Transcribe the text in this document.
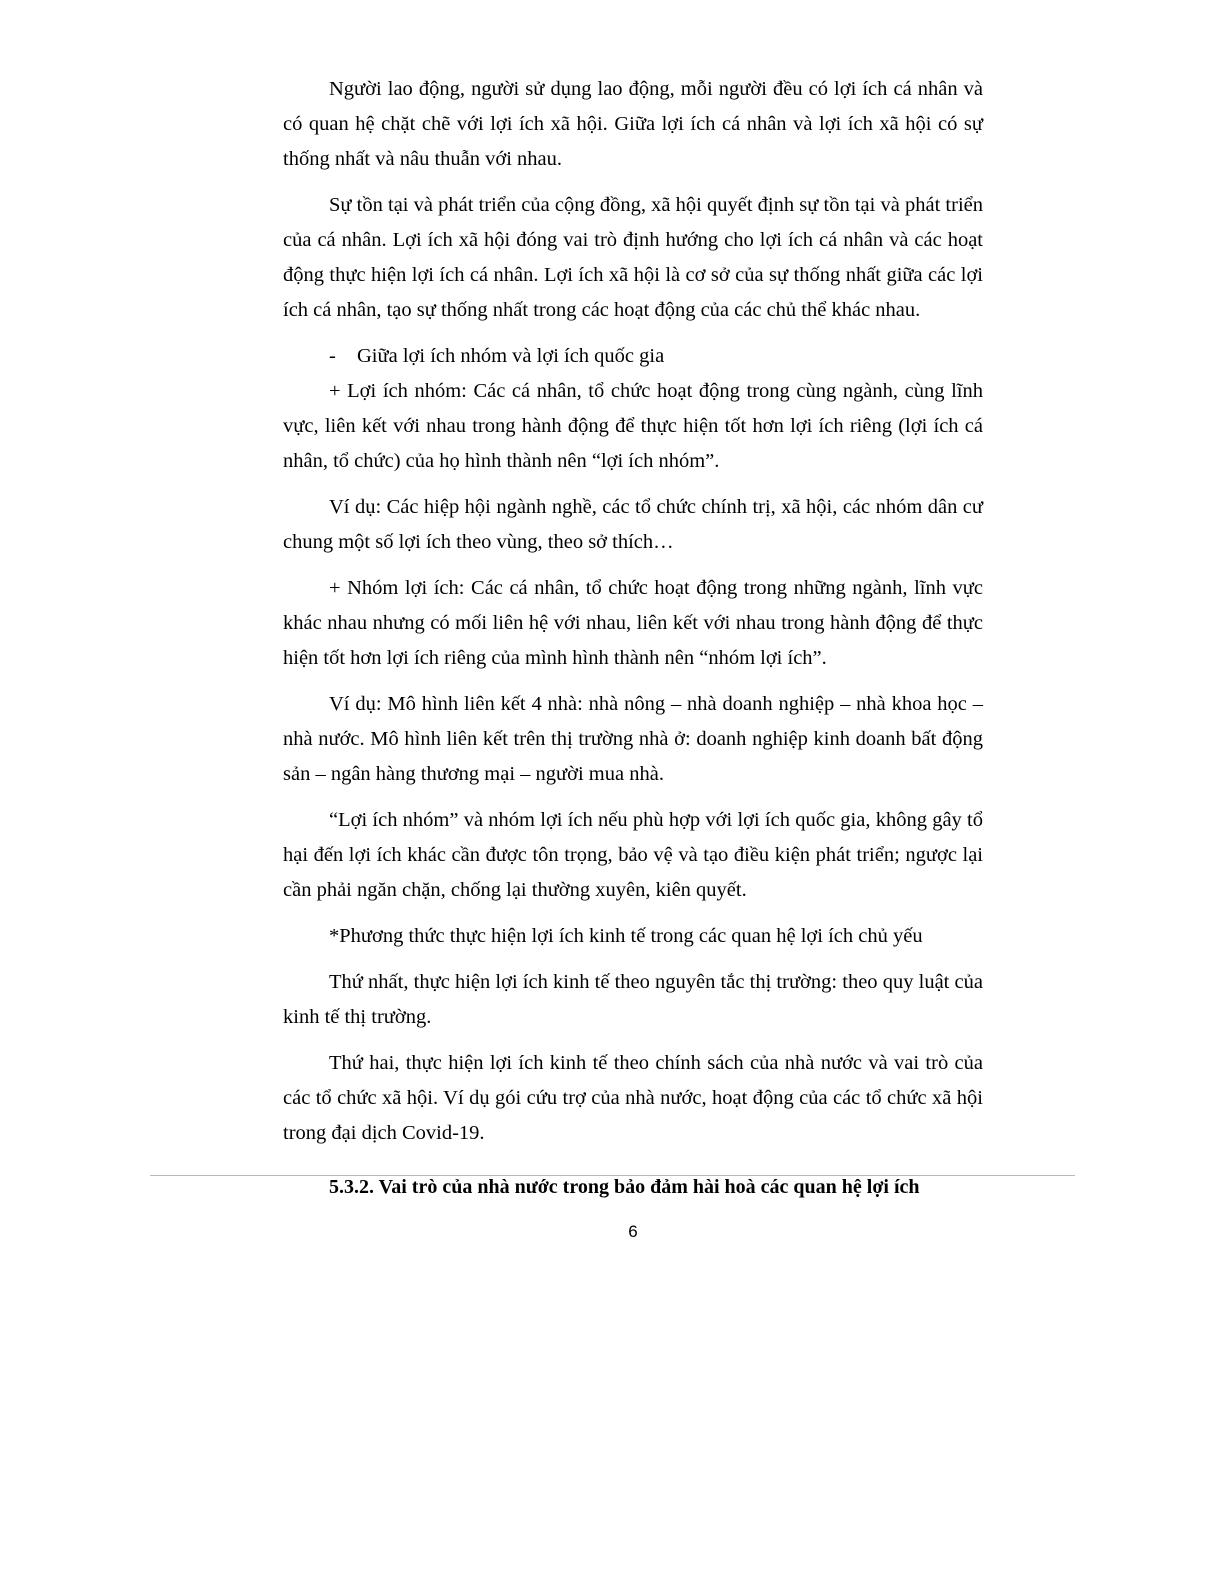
Người lao động, người sử dụng lao động, mỗi người đều có lợi ích cá nhân và có quan hệ chặt chẽ với lợi ích xã hội. Giữa lợi ích cá nhân và lợi ích xã hội có sự thống nhất và nâu thuẫn với nhau.

Sự tồn tại và phát triển của cộng đồng, xã hội quyết định sự tồn tại và phát triển của cá nhân. Lợi ích xã hội đóng vai trò định hướng cho lợi ích cá nhân và các hoạt động thực hiện lợi ích cá nhân. Lợi ích xã hội là cơ sở của sự thống nhất giữa các lợi ích cá nhân, tạo sự thống nhất trong các hoạt động của các chủ thể khác nhau.

- Giữa lợi ích nhóm và lợi ích quốc gia

+ Lợi ích nhóm: Các cá nhân, tổ chức hoạt động trong cùng ngành, cùng lĩnh vực, liên kết với nhau trong hành động để thực hiện tốt hơn lợi ích riêng (lợi ích cá nhân, tổ chức) của họ hình thành nên “lợi ích nhóm”.

Ví dụ: Các hiệp hội ngành nghề, các tổ chức chính trị, xã hội, các nhóm dân cư chung một số lợi ích theo vùng, theo sở thích…

+ Nhóm lợi ích: Các cá nhân, tổ chức hoạt động trong những ngành, lĩnh vực khác nhau nhưng có mối liên hệ với nhau, liên kết với nhau trong hành động để thực hiện tốt hơn lợi ích riêng của mình hình thành nên “nhóm lợi ích”.

Ví dụ: Mô hình liên kết 4 nhà: nhà nông – nhà doanh nghiệp – nhà khoa học – nhà nước. Mô hình liên kết trên thị trường nhà ở: doanh nghiệp kinh doanh bất động sản – ngân hàng thương mại – người mua nhà.

“Lợi ích nhóm” và nhóm lợi ích nếu phù hợp với lợi ích quốc gia, không gây tổ hại đến lợi ích khác cần được tôn trọng, bảo vệ và tạo điều kiện phát triển; ngược lại cần phải ngăn chặn, chống lại thường xuyên, kiên quyết.

*Phương thức thực hiện lợi ích kinh tế trong các quan hệ lợi ích chủ yếu

Thứ nhất, thực hiện lợi ích kinh tế theo nguyên tắc thị trường: theo quy luật của kinh tế thị trường.

Thứ hai, thực hiện lợi ích kinh tế theo chính sách của nhà nước và vai trò của các tổ chức xã hội. Ví dụ gói cứu trợ của nhà nước, hoạt động của các tổ chức xã hội trong đại dịch Covid-19.

5.3.2. Vai trò của nhà nước trong bảo đảm hài hoà các quan hệ lợi ích

6
